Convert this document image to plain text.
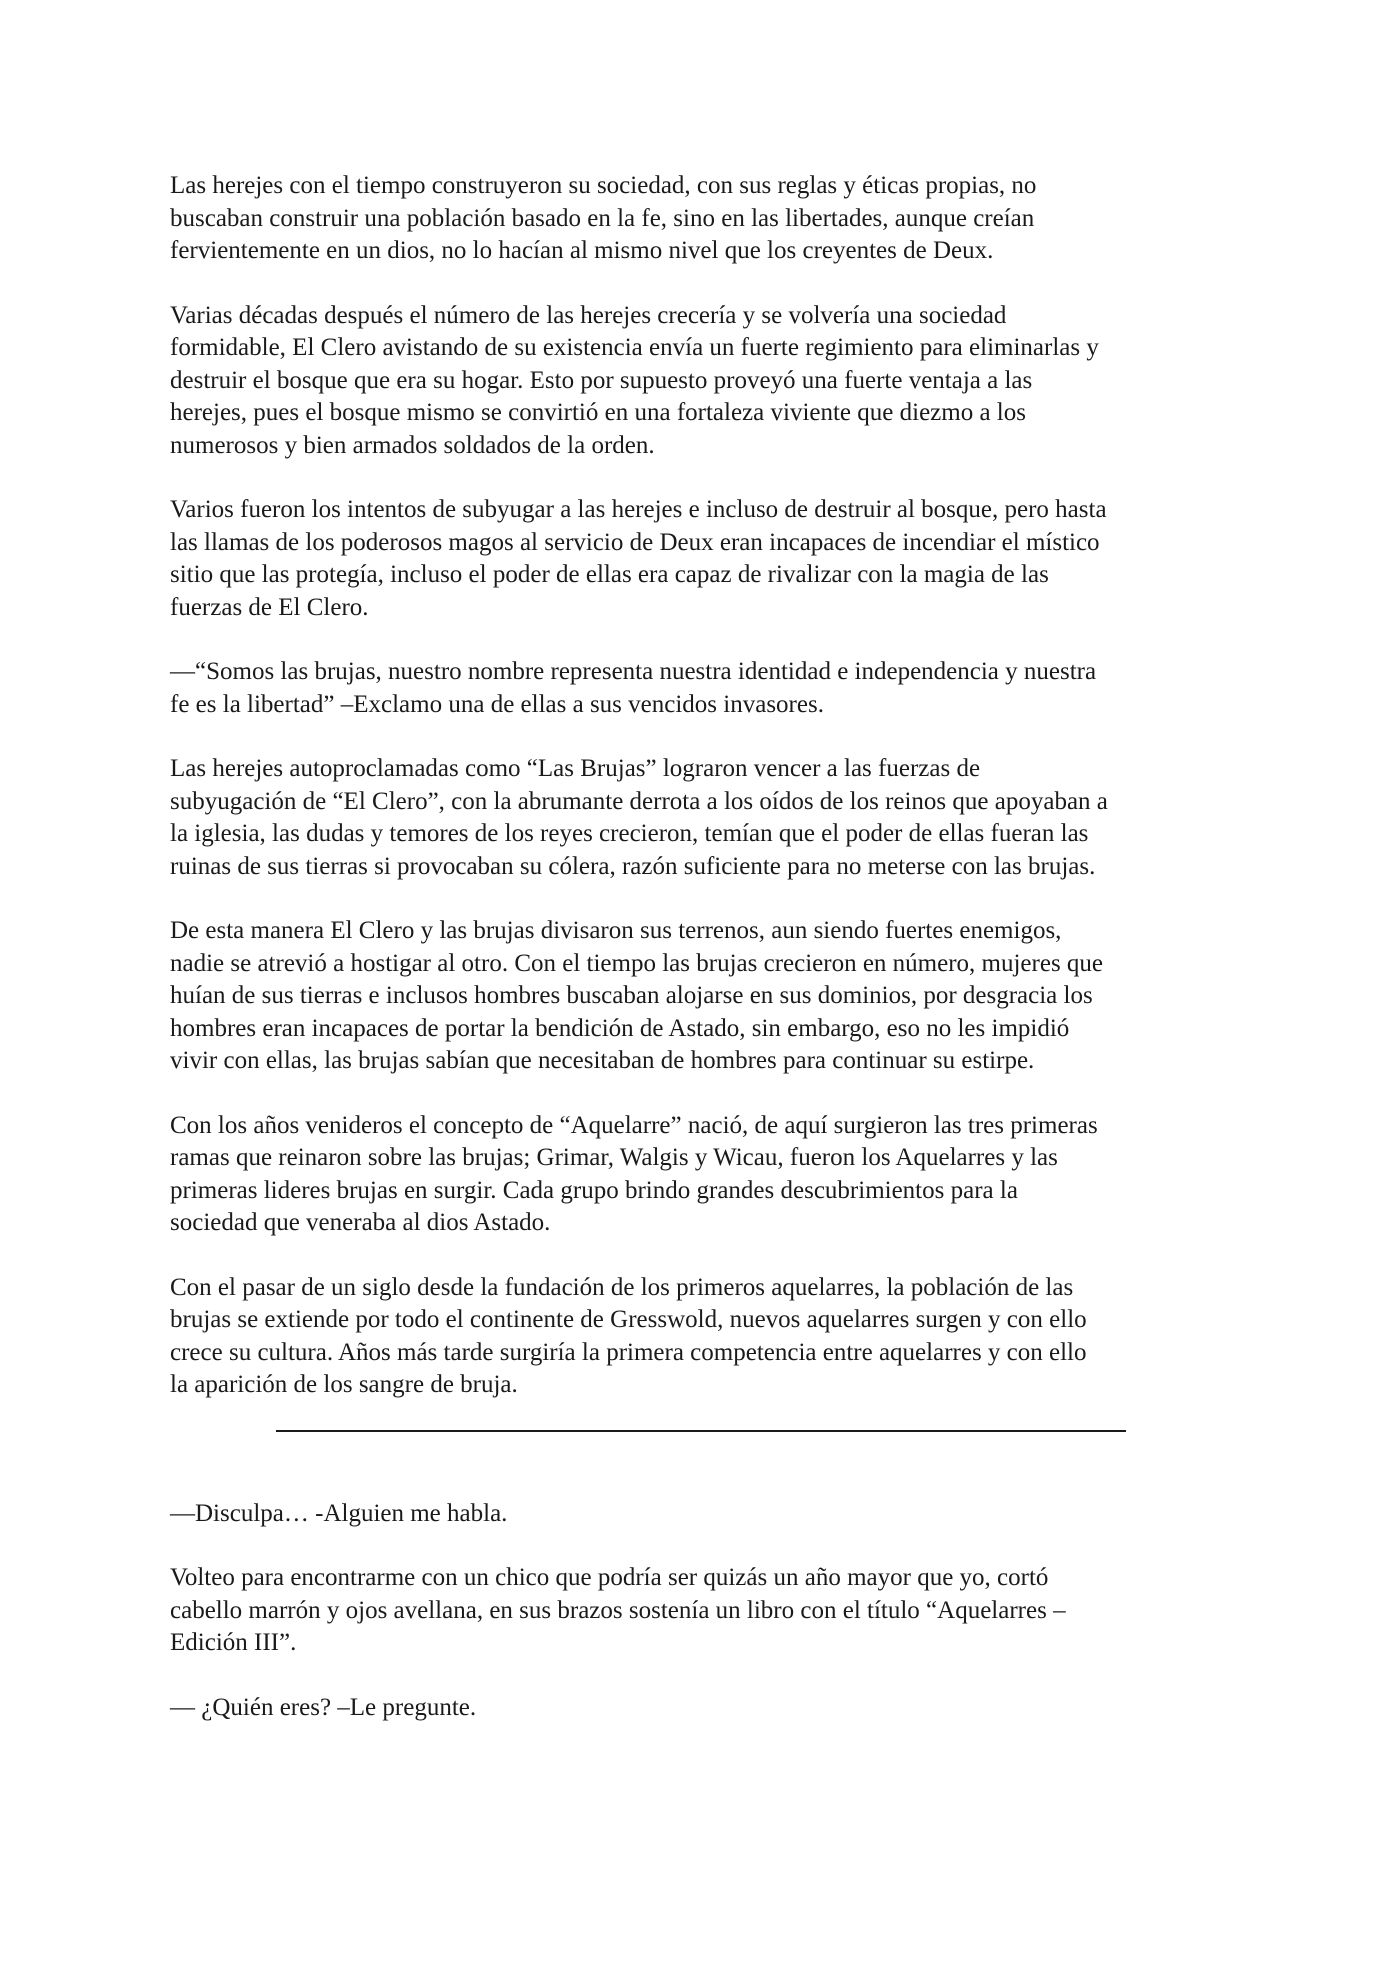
Las herejes con el tiempo construyeron su sociedad, con sus reglas y éticas propias, no
buscaban construir una población basado en la fe, sino en las libertades, aunque creían
fervientemente en un dios, no lo hacían al mismo nivel que los creyentes de Deux.

Varias décadas después el número de las herejes crecería y se volvería una sociedad
formidable, El Clero avistando de su existencia envía un fuerte regimiento para eliminarlas y
destruir el bosque que era su hogar. Esto por supuesto proveyó una fuerte ventaja a las
herejes, pues el bosque mismo se convirtió en una fortaleza viviente que diezmo a los
numerosos y bien armados soldados de la orden.

Varios fueron los intentos de subyugar a las herejes e incluso de destruir al bosque, pero hasta
las llamas de los poderosos magos al servicio de Deux eran incapaces de incendiar el místico
sitio que las protegía, incluso el poder de ellas era capaz de rivalizar con la magia de las
fuerzas de El Clero.

—“Somos las brujas, nuestro nombre representa nuestra identidad e independencia y nuestra
fe es la libertad” –Exclamo una de ellas a sus vencidos invasores.

Las herejes autoproclamadas como “Las Brujas” lograron vencer a las fuerzas de
subyugación de “El Clero”, con la abrumante derrota a los oídos de los reinos que apoyaban a
la iglesia, las dudas y temores de los reyes crecieron, temían que el poder de ellas fueran las
ruinas de sus tierras si provocaban su cólera, razón suficiente para no meterse con las brujas.

De esta manera El Clero y las brujas divisaron sus terrenos, aun siendo fuertes enemigos,
nadie se atrevió a hostigar al otro. Con el tiempo las brujas crecieron en número, mujeres que
huían de sus tierras e inclusos hombres buscaban alojarse en sus dominios, por desgracia los
hombres eran incapaces de portar la bendición de Astado, sin embargo, eso no les impidió
vivir con ellas, las brujas sabían que necesitaban de hombres para continuar su estirpe.

Con los años venideros el concepto de “Aquelarre” nació, de aquí surgieron las tres primeras
ramas que reinaron sobre las brujas; Grimar, Walgis y Wicau, fueron los Aquelarres y las
primeras lideres brujas en surgir. Cada grupo brindo grandes descubrimientos para la
sociedad que veneraba al dios Astado.

Con el pasar de un siglo desde la fundación de los primeros aquelarres, la población de las
brujas se extiende por todo el continente de Gresswold, nuevos aquelarres surgen y con ello
crece su cultura. Años más tarde surgiría la primera competencia entre aquelarres y con ello
la aparición de los sangre de bruja.

—Disculpa… -Alguien me habla.

Volteo para encontrarme con un chico que podría ser quizás un año mayor que yo, cortó
cabello marrón y ojos avellana, en sus brazos sostenía un libro con el título “Aquelarres –
Edición III”.

— ¿Quién eres? –Le pregunte.
